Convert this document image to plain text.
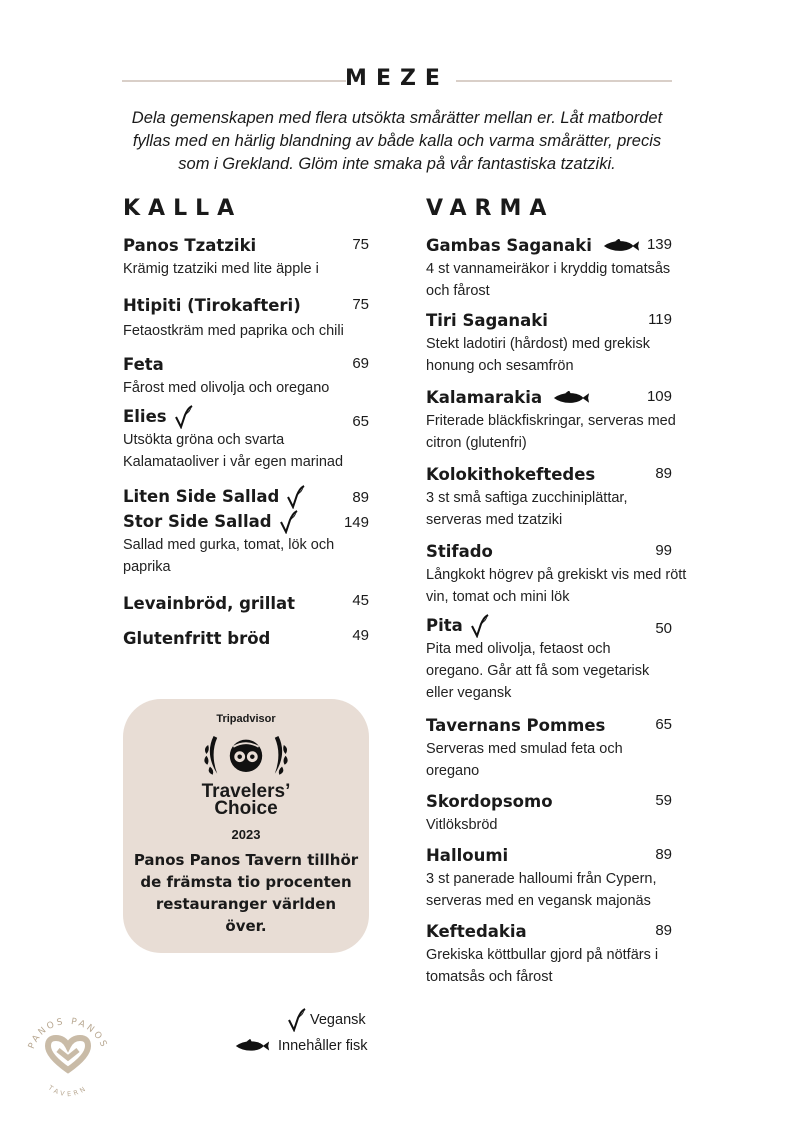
MEZE
Dela gemenskapen med flera utsökta smårätter mellan er. Låt matbordet fyllas med en härlig blandning av både kalla och varma smårätter, precis som i Grekland. Glöm inte smaka på vår fantastiska tzatziki.
KALLA
Panos Tzatziki	75
Krämig tzatziki med lite äpple i
Htipiti (Tirokafteri)	75
Fetaostkräm med paprika och chili
Feta	69
Fårost med olivolja och oregano
Elies	65
Utsökta gröna och svarta Kalamataoliver i vår egen marinad
Liten Side Sallad	89
Stor Side Sallad	149
Sallad med gurka, tomat, lök och paprika
Levainbröd, grillat	45
Glutenfritt bröd	49
Tripadvisor
Travelers’
Choice
2023
Panos Panos Tavern tillhör de främsta tio procenten restauranger världen över.
VARMA
Gambas Saganaki	139
4 st vannameiräkor i kryddig tomatsås och fårost
Tiri Saganaki	119
Stekt ladotiri (hårdost) med grekisk honung och sesamfrön
Kalamarakia	109
Friterade bläckfiskringar, serveras med citron (glutenfri)
Kolokithokeftedes	89
3 st små saftiga zucchiniplättar, serveras med tzatziki
Stifado	99
Långkokt högrev på grekiskt vis med rött vin, tomat och mini lök
Pita	50
Pita med olivolja, fetaost och oregano. Går att få som vegetarisk eller vegansk
Tavernans Pommes	65
Serveras med smulad feta och oregano
Skordopsomo	59
Vitlöksbröd
Halloumi	89
3 st panerade halloumi från Cypern, serveras med en vegansk majonäs
Keftedakia	89
Grekiska köttbullar gjord på nötfärs i tomatsås och fårost
Vegansk
Innehåller fisk
PANOS PANOS
TAVERN
